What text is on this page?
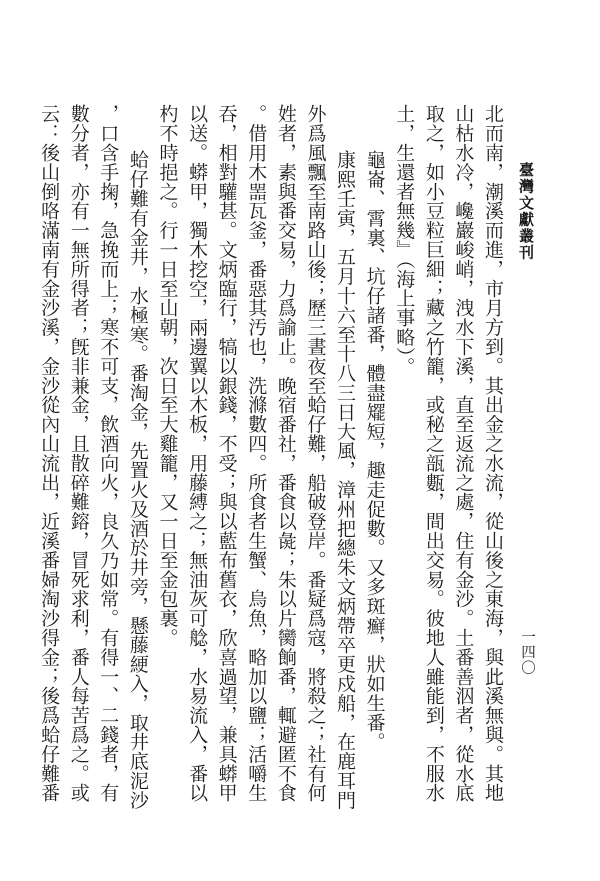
臺灣文獻叢刊
一四〇

北而南，潮溪而進，市月方到。其出金之水流，從山後之東海，與此溪無與。其地

山枯水冷，巉巖峻峭，洩水下溪，直至返流之處，住有金沙。土番善泅者，從水底

取之，如小豆粒巨細；藏之竹籠，或秘之瓿甊，間出交易。彼地人雖能到，不服水

土，生還者無幾』（海上事略）。

龜崙、霄裏、坑仔諸番，體盡矲短，趣走促數。又多斑癬，狀如生番。

康熙壬寅，五月十六至十八三日大風，漳州把總朱文炳帶卒更戍船，在鹿耳門

外爲風飄至南路山後；歷三晝夜至蛤仔難，船破登岸。番疑爲寇，將殺之；社有何

姓者，素與番交易，力爲諭止。晚宿番社，番食以彘；朱以片臠餉番，輒避匿不食

。借用木噐瓦釜，番惡其汚也，洗滌數四。所食者生蟹、烏魚，略加以鹽；活嚼生

吞，相對驩甚。文炳臨行，犒以銀錢，不受；與以藍布舊衣，欣喜過望，兼具蟒甲

以送。蟒甲，獨木挖空，兩邊翼以木板，用藤縛之；無油灰可艌，水易流入，番以

杓不時挹之。行一日至山朝，次日至大雞籠，又一日至金包裏。

蛤仔難有金井，水極寒。番淘金，先置火及酒於井旁，懸藤綆入，取井底泥沙

，口含手掬，急挽而上；寒不可支，飲酒向火，良久乃如常。有得一、二錢者，有

數分者，亦有一無所得者；旣非兼金，且散碎難鎔，冒死求利，番人每苦爲之。或

云：後山倒咯滿南有金沙溪，金沙從內山流出，近溪番婦淘沙得金；後爲蛤仔難番
